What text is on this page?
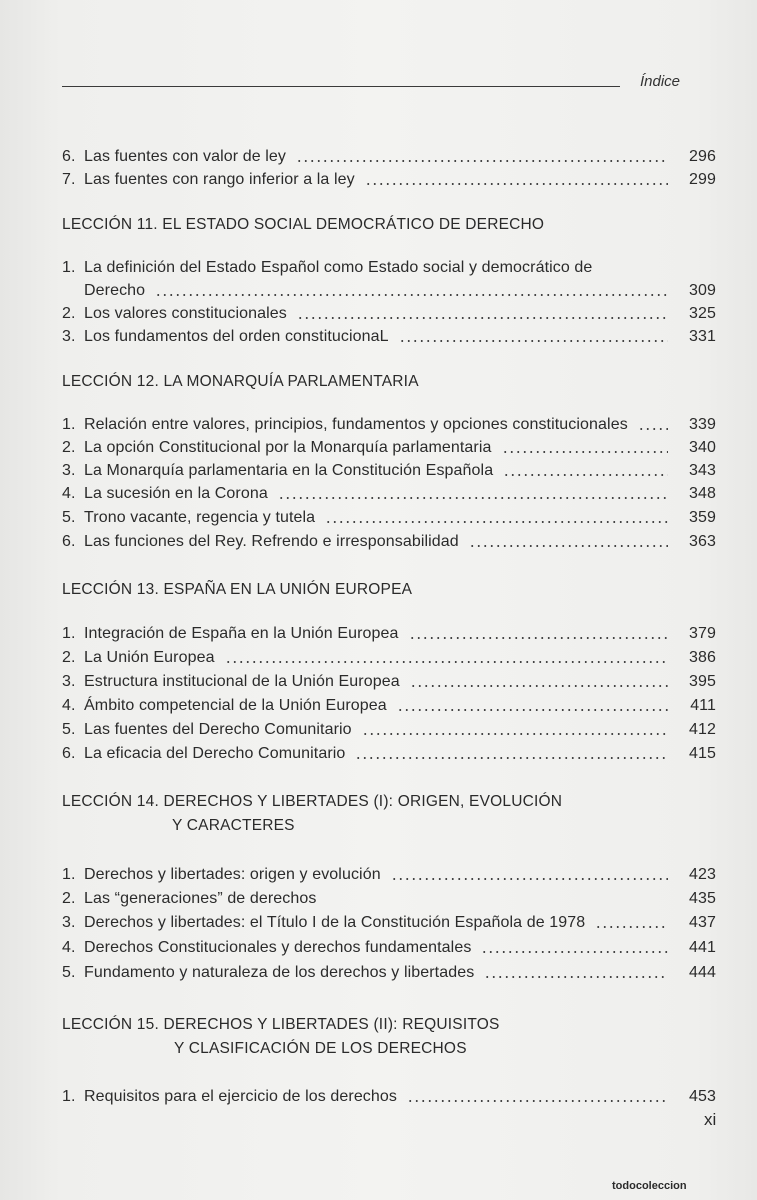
Índice
6. Las fuentes con valor de ley	296
7. Las fuentes con rango inferior a la ley	299
LECCIÓN 11. EL ESTADO SOCIAL DEMOCRÁTICO DE DERECHO
1. La definición del Estado Español como Estado social y democrático de
Derecho	309
2. Los valores constitucionales	325
3. Los fundamentos del orden constitucionaL	331
LECCIÓN 12. LA MONARQUÍA PARLAMENTARIA
1. Relación entre valores, principios, fundamentos y opciones constitucionales	339
2. La opción Constitucional por la Monarquía parlamentaria	340
3. La Monarquía parlamentaria en la Constitución Española	343
4. La sucesión en la Corona	348
5. Trono vacante, regencia y tutela	359
6. Las funciones del Rey. Refrendo e irresponsabilidad	363
LECCIÓN 13. ESPAÑA EN LA UNIÓN EUROPEA
1. Integración de España en la Unión Europea	379
2. La Unión Europea	386
3. Estructura institucional de la Unión Europea	395
4. Ámbito competencial de la Unión Europea	411
5. Las fuentes del Derecho Comunitario	412
6. La eficacia del Derecho Comunitario	415
LECCIÓN 14. DERECHOS Y LIBERTADES (I): ORIGEN, EVOLUCIÓN
Y CARACTERES
1. Derechos y libertades: origen y evolución	423
2. Las “generaciones” de derechos	435
3. Derechos y libertades: el Título I de la Constitución Española de 1978	437
4. Derechos Constitucionales y derechos fundamentales	441
5. Fundamento y naturaleza de los derechos y libertades	444
LECCIÓN 15. DERECHOS Y LIBERTADES (II): REQUISITOS
Y CLASIFICACIÓN DE LOS DERECHOS
1. Requisitos para el ejercicio de los derechos	453
xi
todocoleccion
